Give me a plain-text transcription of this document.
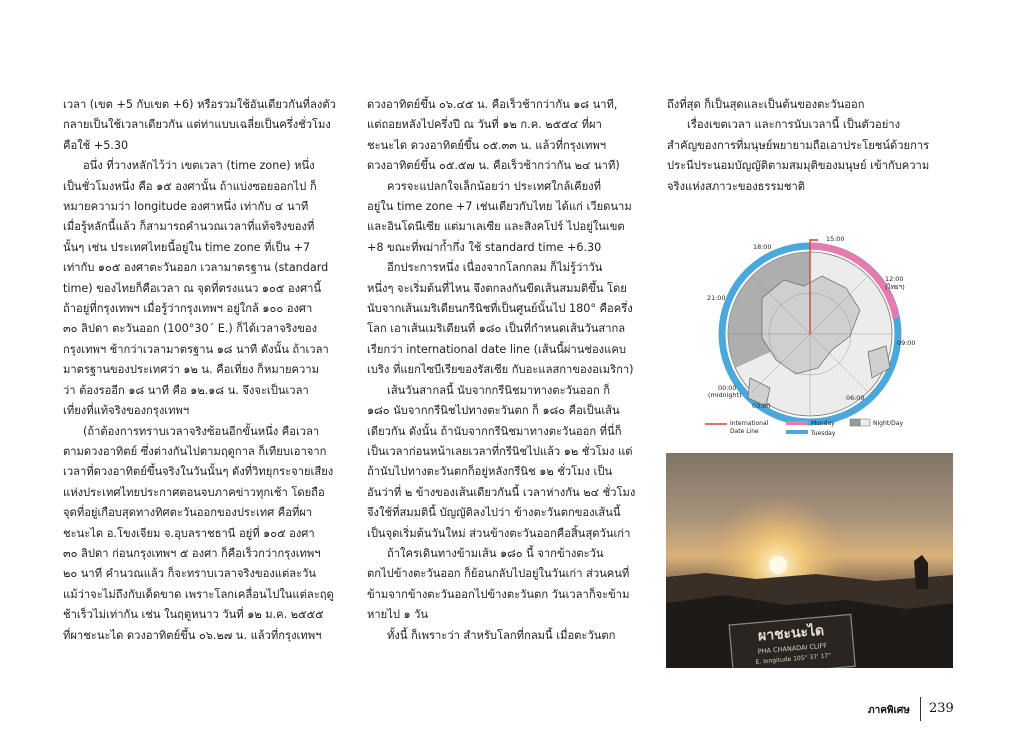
เวลา (เขต +5 กับเขต +6) หรือรวมใช้อันเดียวกันที่ลงตัว
กลายเป็นใช้เวลาเดียวกัน แต่ท่าแบบเฉลี่ยเป็นครึ่งชั่วโมง
คือใช้ +5.30

อนึ่ง ที่วางหลักไว้ว่า เขตเวลา (time zone) หนึ่ง
เป็นชั่วโมงหนึ่ง คือ ๑๕ องศานั้น ถ้าแบ่งซอยออกไป ก็
หมายความว่า longitude องศาหนึ่ง เท่ากับ ๔ นาที
เมื่อรู้หลักนี้แล้ว ก็สามารถคำนวณเวลาที่แท้จริงของที่
นั้นๆ เช่น ประเทศไทยนี้อยู่ใน time zone ที่เป็น +7
เท่ากับ ๑๐๕ องศาตะวันออก เวลามาตรฐาน (standard
time) ของไทยก็คือเวลา ณ จุดที่ตรงแนว ๑๐๕ องศานี้
ถ้าอยู่ที่กรุงเทพฯ เมื่อรู้ว่ากรุงเทพฯ อยู่ใกล้ ๑๐๐ องศา
๓๐ ลิปดา ตะวันออก (100°30´ E.) ก็ได้เวลาจริงของ
กรุงเทพฯ ช้ากว่าเวลามาตรฐาน ๑๘ นาที ดังนั้น ถ้าเวลา
มาตรฐานของประเทศว่า ๑๒ น. คือเที่ยง ก็หมายความ
ว่า ต้องรออีก ๑๘ นาที คือ ๑๒.๑๘ น. จึงจะเป็นเวลา
เที่ยงที่แท้จริงของกรุงเทพฯ

(ถ้าต้องการทราบเวลาจริงซ้อนอีกขั้นหนึ่ง คือเวลา
ตามดวงอาทิตย์ ซึ่งต่างกันไปตามฤดูกาล ก็เทียบเอาจาก
เวลาที่ดวงอาทิตย์ขึ้นจริงในวันนั้นๆ ดังที่วิทยุกระจายเสียง
แห่งประเทศไทยประกาศตอนจบภาคข่าวทุกเช้า โดยถือ
จุดที่อยู่เกือบสุดทางทิศตะวันออกของประเทศ คือที่ผา
ชะนะได อ.โขงเจียม จ.อุบลราชธานี อยู่ที่ ๑๐๕ องศา
๓๐ ลิปดา ก่อนกรุงเทพฯ ๕ องศา ก็คือเร็วกว่ากรุงเทพฯ
๒๐ นาที คำนวณแล้ว ก็จะทราบเวลาจริงของแต่ละวัน
แม้ว่าจะไม่ถึงกับเด็ดขาด เพราะโลกเคลื่อนไปในแต่ละฤดู
ช้าเร็วไม่เท่ากัน เช่น ในฤดูหนาว วันที่ ๑๒ ม.ค. ๒๕๕๕
ที่ผาชะนะได ดวงอาทิตย์ขึ้น ๐๖.๒๗ น. แล้วที่กรุงเทพฯ

ดวงอาทิตย์ขึ้น ๐๖.๔๕ น. คือเร็วช้ากว่ากัน ๑๘ นาที,
แต่ถอยหลังไปครึ่งปี ณ วันที่ ๑๒ ก.ค. ๒๕๕๔ ที่ผา
ชะนะได ดวงอาทิตย์ขึ้น ๐๕.๓๓ น. แล้วที่กรุงเทพฯ
ดวงอาทิตย์ขึ้น ๐๕.๕๗ น. คือเร็วช้ากว่ากัน ๒๔ นาที)

ควรจะแปลกใจเล็กน้อยว่า ประเทศใกล้เคียงที่
อยู่ใน time zone +7 เช่นเดียวกับไทย ได้แก่ เวียดนาม
และอินโดนีเซีย แต่มาเลเซีย และสิงคโปร์ ไปอยู่ในเขต
+8 ขณะที่พม่าก้ำกึ่ง ใช้ standard time +6.30

อีกประการหนึ่ง เนื่องจากโลกกลม ก็ไม่รู้ว่าวัน
หนึ่งๆ จะเริ่มต้นที่ไหน จึงตกลงกันขีดเส้นสมมติขึ้น โดย
นับจากเส้นเมริเดียนกรีนิชที่เป็นศูนย์นั้นไป 180° คือครึ่ง
โลก เอาเส้นเมริเดียนที่ ๑๘๐ เป็นที่กำหนดเส้นวันสากล
เรียกว่า international date line (เส้นนี้ผ่านช่องแคบ
เบริง ที่แยกไซบีเรียของรัสเซีย กับอะแลสกาของอเมริกา)

เส้นวันสากลนี้ นับจากกรีนิชมาทางตะวันออก ก็
๑๘๐ นับจากกรีนิชไปทางตะวันตก ก็ ๑๘๐ คือเป็นเส้น
เดียวกัน ดังนั้น ถ้านับจากกรีนิชมาทางตะวันออก ที่นี่ก็
เป็นเวลาก่อนหน้าเลยเวลาที่กรีนิชไปแล้ว ๑๒ ชั่วโมง แต่
ถ้านับไปทางตะวันตกก็อยู่หลังกรีนิช ๑๒ ชั่วโมง เป็น
อันว่าที่ ๒ ข้างของเส้นเดียวกันนี้ เวลาห่างกัน ๒๔ ชั่วโมง
จึงใช้ที่สมมตินี้ บัญญัติลงไปว่า ข้างตะวันตกของเส้นนี้
เป็นจุดเริ่มต้นวันใหม่ ส่วนข้างตะวันออกคือสิ้นสุดวันเก่า

ถ้าใครเดินทางข้ามเส้น ๑๘๐ นี้ จากข้างตะวัน
ตกไปข้างตะวันออก ก็ย้อนกลับไปอยู่ในวันเก่า ส่วนคนที่
ข้ามจากข้างตะวันออกไปข้างตะวันตก วันเวลาก็จะข้าม
หายไป ๑ วัน

ทั้งนี้ ก็เพราะว่า สำหรับโลกที่กลมนี้ เมื่อตะวันตก

ถึงที่สุด ก็เป็นสุดและเป็นต้นของตะวันออก

เรื่องเขตเวลา และการนับเวลานี้ เป็นตัวอย่าง
สำคัญของการที่มนุษย์พยายามถือเอาประโยชน์ด้วยการ
ประนีประนอมบัญญัติตามสมมุติของมนุษย์ เข้ากับความ
จริงแห่งสภาวะของธรรมชาติ

15:00
18:00
12:00
(ไทยฯ)
21:00
09:00
00:00
(midnight)	06:00
03:00
International
Date Line
Monday
Tuesday
Night/Day
ผาชะนะได
PHA CHANADAI CLIFF
E. longitude 105° 37' 17"
ภาคพิเศษ 239
